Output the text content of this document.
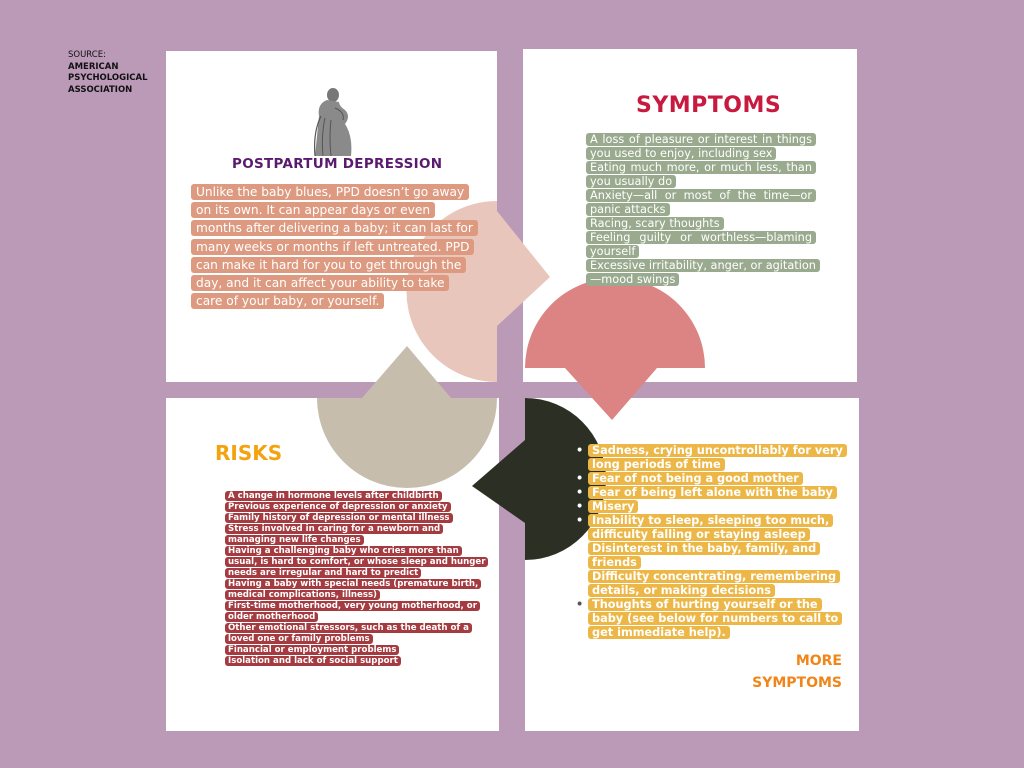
SOURCE:
AMERICAN PSYCHOLOGICAL ASSOCIATION
POSTPARTUM DEPRESSION
Unlike the baby blues, PPD doesn’t go away on its own. It can appear days or even months after delivering a baby; it can last for many weeks or months if left untreated. PPD can make it hard for you to get through the day, and it can affect your ability to take care of your baby, or yourself.
SYMPTOMS
• A loss of pleasure or interest in things you used to enjoy, including sex
• Eating much more, or much less, than you usually do
• Anxiety—all or most of the time—or panic attacks
• Racing, scary thoughts
• Feeling guilty or worthless—blaming yourself
• Excessive irritability, anger, or agitation—mood swings
RISKS
• A change in hormone levels after childbirth
• Previous experience of depression or anxiety
• Family history of depression or mental illness
• Stress involved in caring for a newborn and managing new life changes
• Having a challenging baby who cries more than usual, is hard to comfort, or whose sleep and hunger needs are irregular and hard to predict
• Having a baby with special needs (premature birth, medical complications, illness)
• First-time motherhood, very young motherhood, or older motherhood
• Other emotional stressors, such as the death of a loved one or family problems
• Financial or employment problems
• Isolation and lack of social support
• Sadness, crying uncontrollably for very long periods of time
• Fear of not being a good mother
• Fear of being left alone with the baby
• Misery
• Inability to sleep, sleeping too much, difficulty falling or staying asleep
• Disinterest in the baby, family, and friends
• Difficulty concentrating, remembering details, or making decisions
• Thoughts of hurting yourself or the baby (see below for numbers to call to get immediate help).
MORE
SYMPTOMS
